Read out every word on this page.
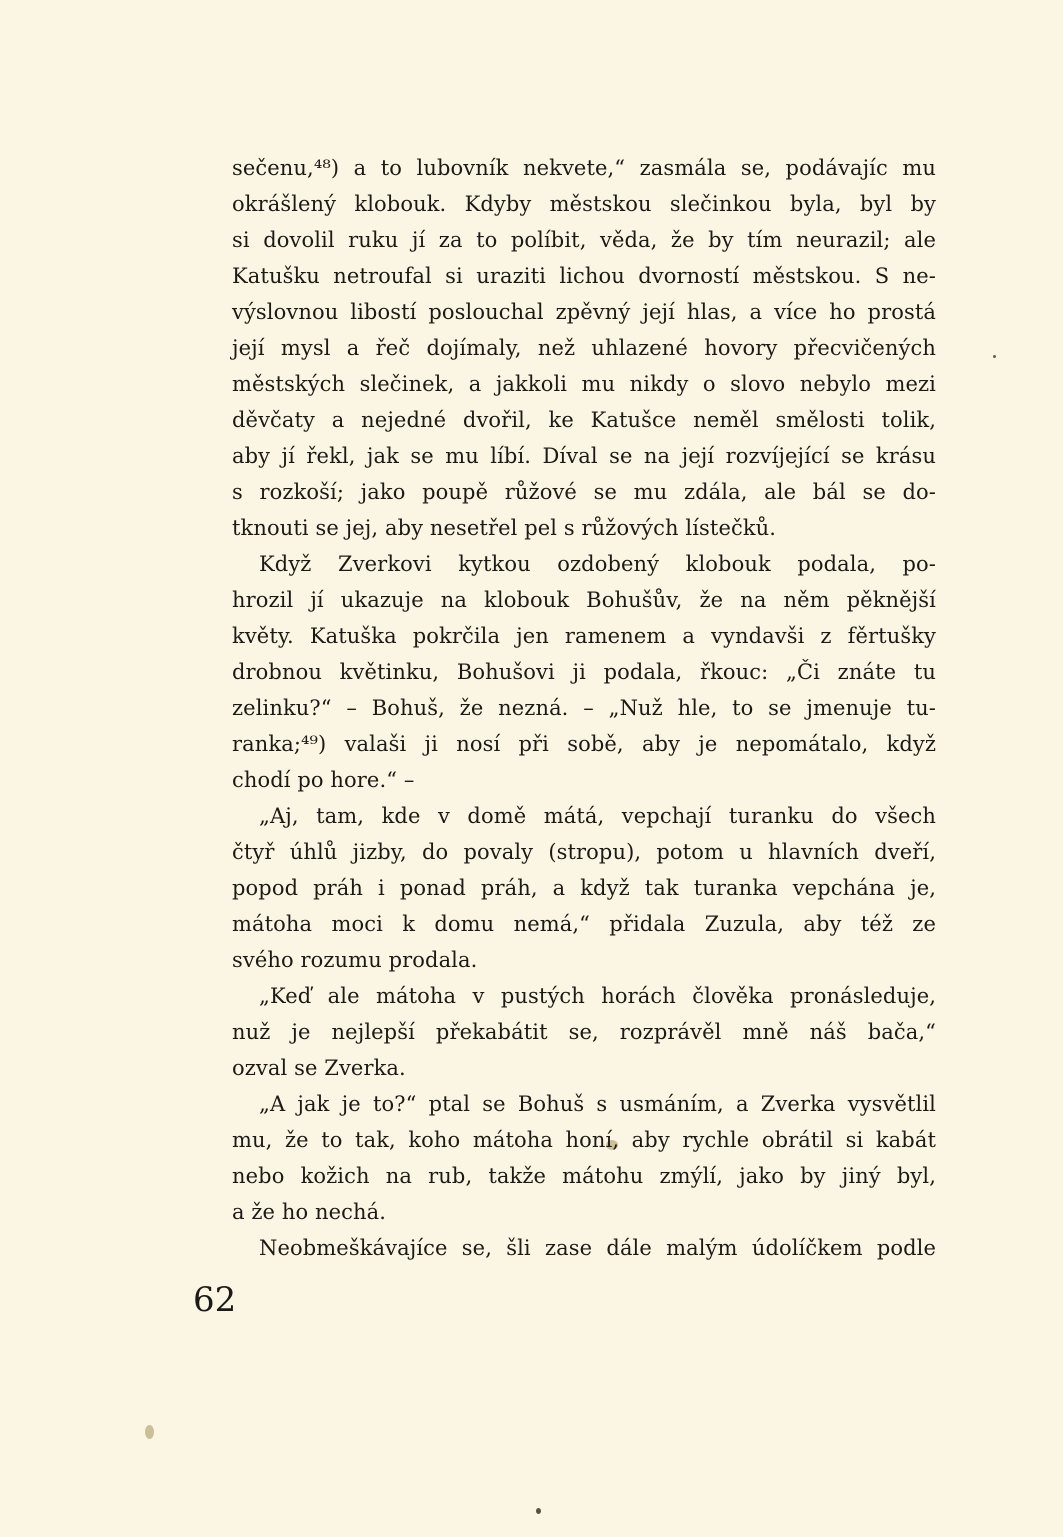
sečenu,⁴⁸) a to lubovník nekvete,“ zasmála se, podávajíc mu
okrášlený klobouk. Kdyby městskou slečinkou byla, byl by
si dovolil ruku jí za to políbit, věda, že by tím neurazil; ale
Katušku netroufal si uraziti lichou dvorností městskou. S ne-
výslovnou libostí poslouchal zpěvný její hlas, a více ho prostá
její mysl a řeč dojímaly, než uhlazené hovory přecvičených
městských slečinek, a jakkoli mu nikdy o slovo nebylo mezi
děvčaty a nejedné dvořil, ke Katušce neměl smělosti tolik,
aby jí řekl, jak se mu líbí. Díval se na její rozvíjející se krásu
s rozkoší; jako poupě růžové se mu zdála, ale bál se do-
tknouti se jej, aby nesetřel pel s růžových lístečků.
Když Zverkovi kytkou ozdobený klobouk podala, po-
hrozil jí ukazuje na klobouk Bohušův, že na něm pěknější
květy. Katuška pokrčila jen ramenem a vyndavši z fěrtušky
drobnou květinku, Bohušovi ji podala, řkouc: „Či znáte tu
zelinku?“ – Bohuš, že nezná. – „Nuž hle, to se jmenuje tu-
ranka;⁴⁹) valaši ji nosí při sobě, aby je nepomátalo, když
chodí po hore.“ –
„Aj, tam, kde v domě mátá, vepchají turanku do všech
čtyř úhlů jizby, do povaly (stropu), potom u hlavních dveří,
popod práh i ponad práh, a když tak turanka vepchána je,
mátoha moci k domu nemá,“ přidala Zuzula, aby též ze
svého rozumu prodala.
„Keď ale mátoha v pustých horách člověka pronásleduje,
nuž je nejlepší překabátit se, rozprávěl mně náš bača,“
ozval se Zverka.
„A jak je to?“ ptal se Bohuš s usmáním, a Zverka vysvětlil
mu, že to tak, koho mátoha honí, aby rychle obrátil si kabát
nebo kožich na rub, takže mátohu zmýlí, jako by jiný byl,
a že ho nechá.
Neobmeškávajíce se, šli zase dále malým údolíčkem podle
62
